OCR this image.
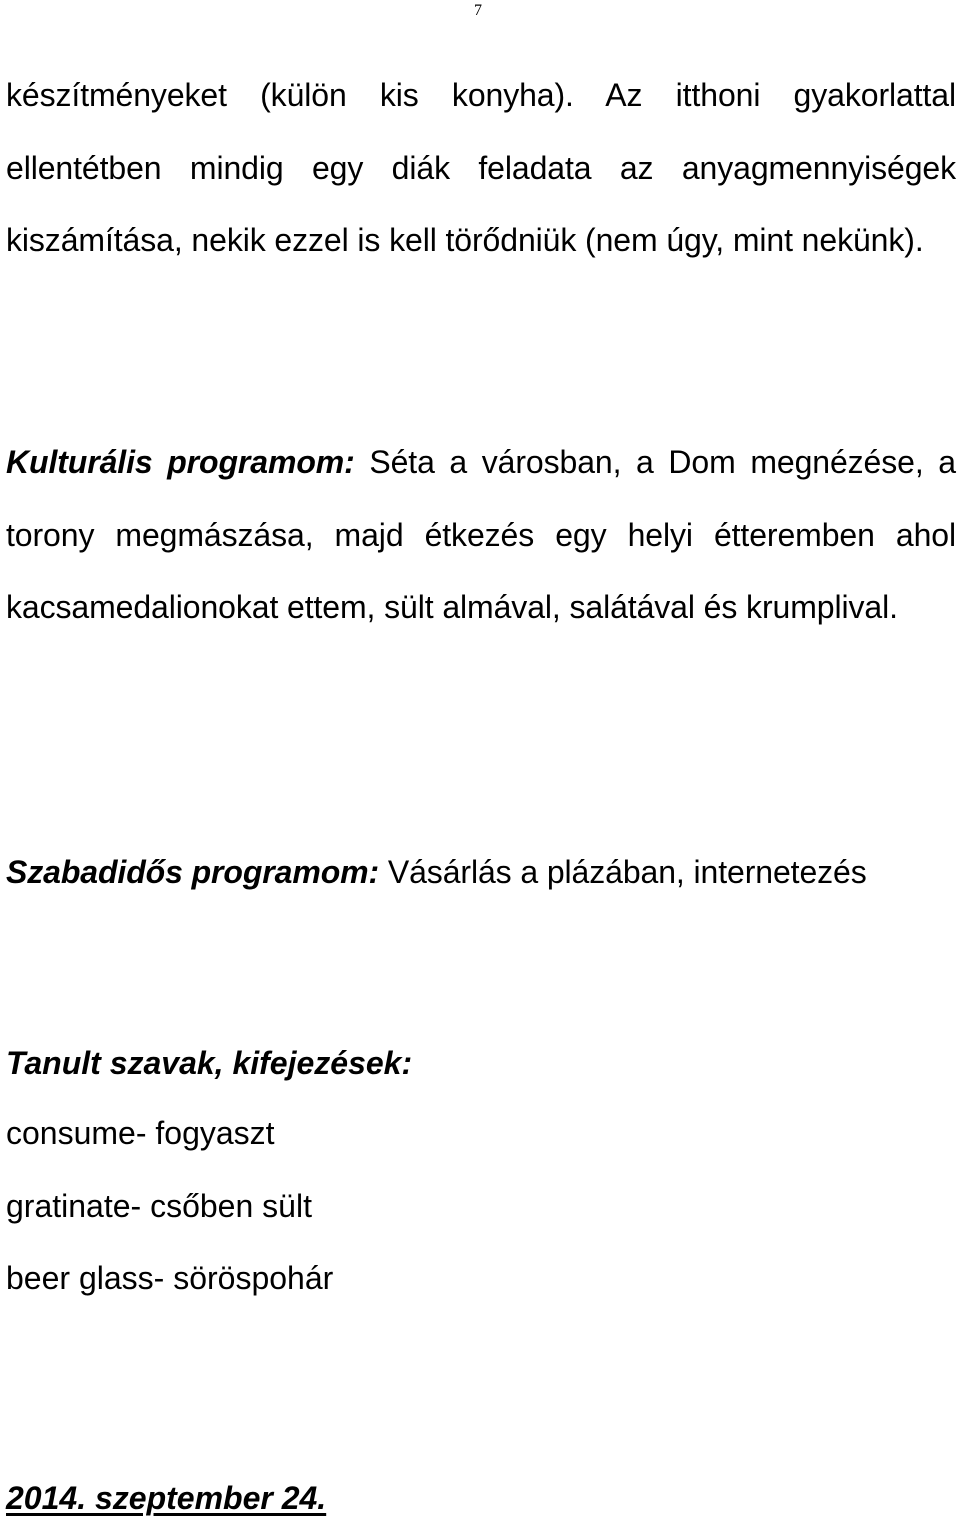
7

készítményeket (külön kis konyha). Az itthoni gyakorlattal ellentétben mindig egy diák feladata az anyagmennyiségek kiszámítása, nekik ezzel is kell törődniük (nem úgy, mint nekünk).

Kulturális programom: Séta a városban, a Dom megnézése, a torony megmászása, majd étkezés egy helyi étteremben ahol kacsamedalionokat ettem, sült almával, salátával és krumplival.

Szabadidős programom: Vásárlás a plázában, internetezés

Tanult szavak, kifejezések:
consume- fogyaszt
gratinate- csőben sült
beer glass- söröspohár
2014. szeptember 24.
